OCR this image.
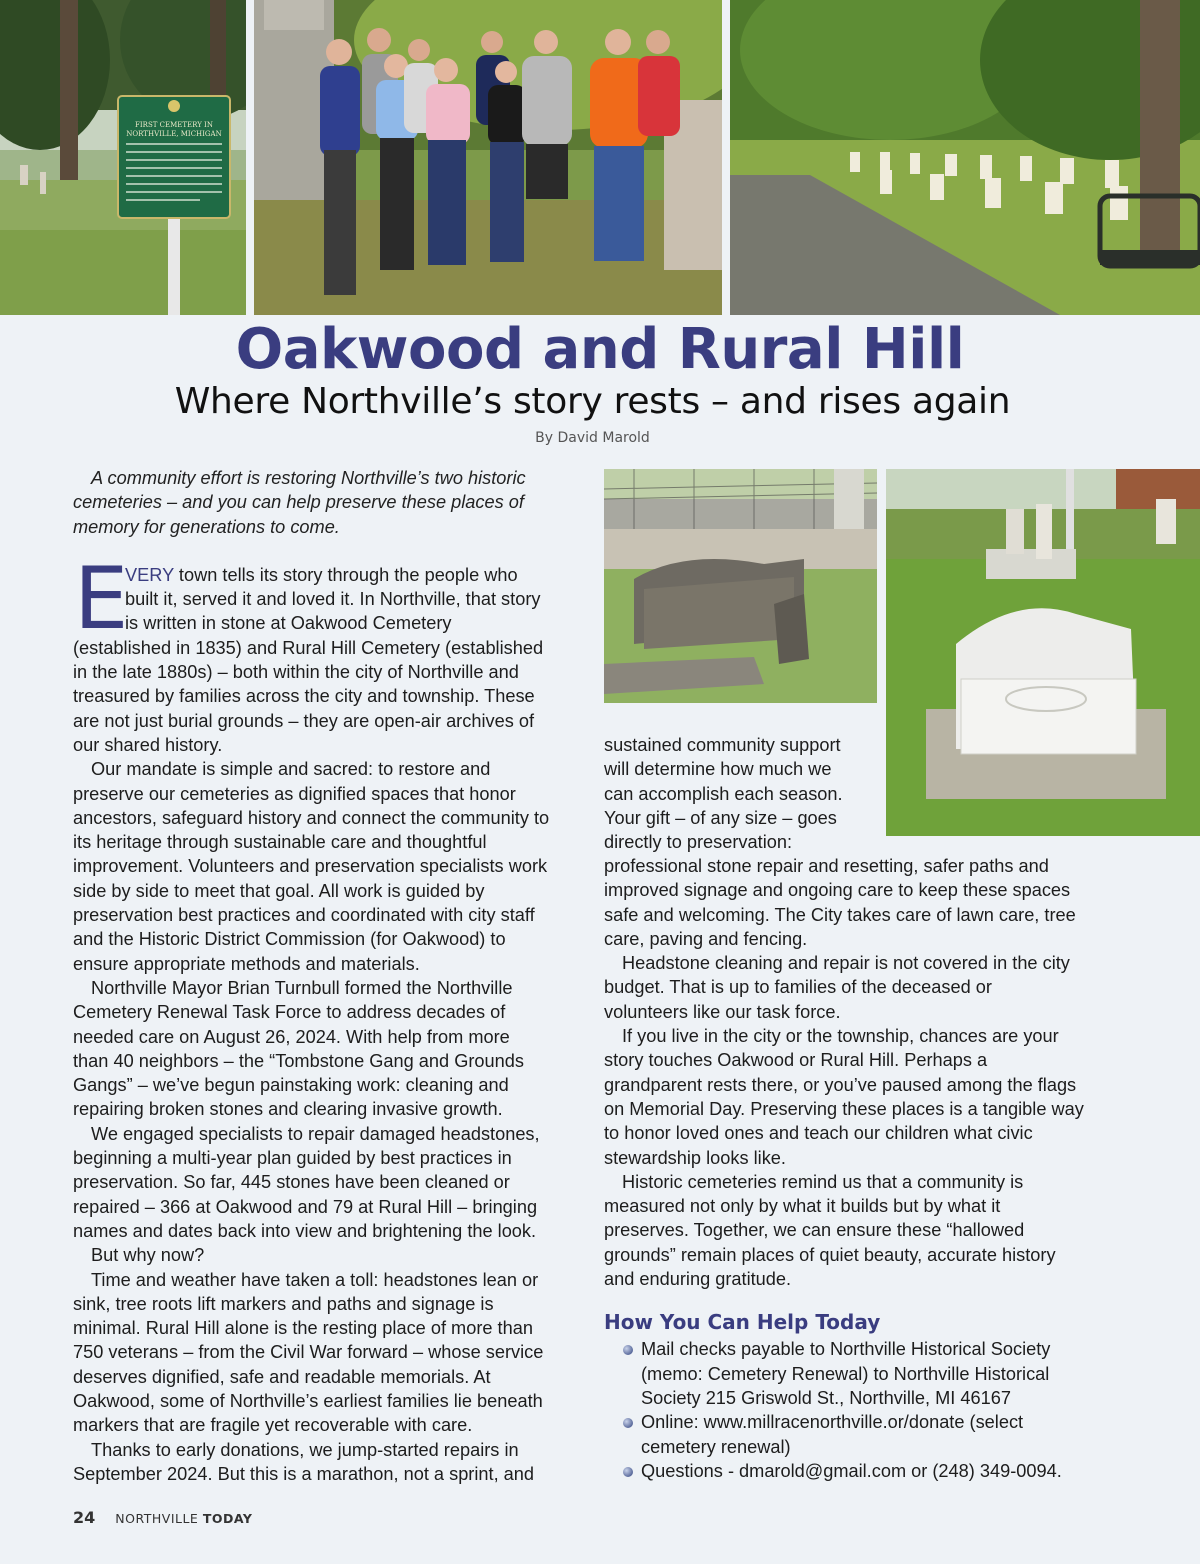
FIRST CEMETERY IN
NORTHVILLE, MICHIGAN
Oakwood and Rural Hill
Where Northville’s story rests – and rises again
By David Marold
A community effort is restoring Northville’s two historic
cemeteries – and you can help preserve these places of
memory for generations to come.
E
VERY town tells its story through the people who
built it, served it and loved it. In Northville, that story
is written in stone at Oakwood Cemetery
(established in 1835) and Rural Hill Cemetery (established
in the late 1880s) – both within the city of Northville and
treasured by families across the city and township. These
are not just burial grounds – they are open-air archives of
our shared history.
Our mandate is simple and sacred: to restore and
preserve our cemeteries as dignified spaces that honor
ancestors, safeguard history and connect the community to
its heritage through sustainable care and thoughtful
improvement. Volunteers and preservation specialists work
side by side to meet that goal. All work is guided by
preservation best practices and coordinated with city staff
and the Historic District Commission (for Oakwood) to
ensure appropriate methods and materials.
Northville Mayor Brian Turnbull formed the Northville
Cemetery Renewal Task Force to address decades of
needed care on August 26, 2024. With help from more
than 40 neighbors – the “Tombstone Gang and Grounds
Gangs” – we’ve begun painstaking work: cleaning and
repairing broken stones and clearing invasive growth.
We engaged specialists to repair damaged headstones,
beginning a multi-year plan guided by best practices in
preservation. So far, 445 stones have been cleaned or
repaired – 366 at Oakwood and 79 at Rural Hill – bringing
names and dates back into view and brightening the look.
But why now?
Time and weather have taken a toll: headstones lean or
sink, tree roots lift markers and paths and signage is
minimal. Rural Hill alone is the resting place of more than
750 veterans – from the Civil War forward – whose service
deserves dignified, safe and readable memorials. At
Oakwood, some of Northville’s earliest families lie beneath
markers that are fragile yet recoverable with care.
Thanks to early donations, we jump-started repairs in
September 2024. But this is a marathon, not a sprint, and
sustained community support
will determine how much we
can accomplish each season.
Your gift – of any size – goes
directly to preservation:
professional stone repair and resetting, safer paths and
improved signage and ongoing care to keep these spaces
safe and welcoming. The City takes care of lawn care, tree
care, paving and fencing.
Headstone cleaning and repair is not covered in the city
budget. That is up to families of the deceased or
volunteers like our task force.
If you live in the city or the township, chances are your
story touches Oakwood or Rural Hill. Perhaps a
grandparent rests there, or you’ve paused among the flags
on Memorial Day. Preserving these places is a tangible way
to honor loved ones and teach our children what civic
stewardship looks like.
Historic cemeteries remind us that a community is
measured not only by what it builds but by what it
preserves. Together, we can ensure these “hallowed
grounds” remain places of quiet beauty, accurate history
and enduring gratitude.
How You Can Help Today
Mail checks payable to Northville Historical Society
(memo: Cemetery Renewal) to Northville Historical
Society 215 Griswold St., Northville, MI 46167
Online: www.millracenorthville.or/donate (select
cemetery renewal)
Questions - dmarold@gmail.com or (248) 349-0094.
24 NORTHVILLE TODAY
